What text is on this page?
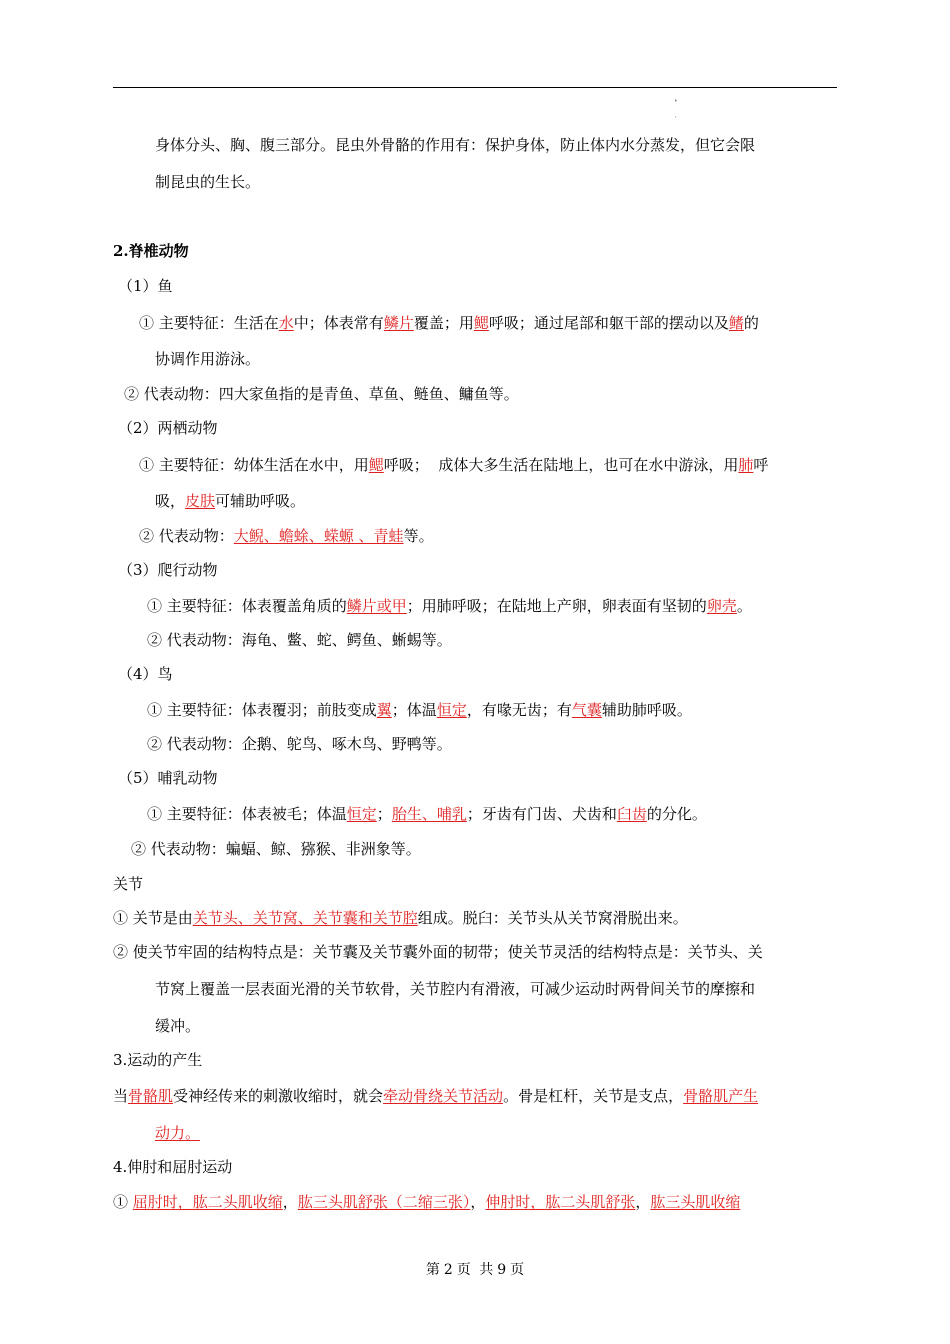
•
'
身体分头、胸、腹三部分。昆虫外骨骼的作用有：保护身体，防止体内水分蒸发，但它会限
制昆虫的生长。
2.脊椎动物
（1）鱼
① 主要特征：生活在水中；体表常有鳞片覆盖；用鳃呼吸；通过尾部和躯干部的摆动以及鳍的
协调作用游泳。
② 代表动物：四大家鱼指的是青鱼、草鱼、鲢鱼、鳙鱼等。
（2）两栖动物
① 主要特征：幼体生活在水中，用鳃呼吸；  成体大多生活在陆地上，也可在水中游泳，用肺呼
吸，皮肤可辅助呼吸。
② 代表动物：大鲵、蟾蜍、蝾螈 、青蛙等。
（3）爬行动物
① 主要特征：体表覆盖角质的鳞片或甲；用肺呼吸；在陆地上产卵，卵表面有坚韧的卵壳。
② 代表动物：海龟、鳖、蛇、鳄鱼、蜥蜴等。
（4）鸟
① 主要特征：体表覆羽；前肢变成翼；体温恒定，有喙无齿；有气囊辅助肺呼吸。
② 代表动物：企鹅、鸵鸟、啄木鸟、野鸭等。
（5）哺乳动物
① 主要特征：体表被毛；体温恒定；胎生、哺乳；牙齿有门齿、犬齿和臼齿的分化。
② 代表动物：蝙蝠、鲸、猕猴、非洲象等。
关节
① 关节是由关节头、关节窝、关节囊和关节腔组成。脱臼：关节头从关节窝滑脱出来。
② 使关节牢固的结构特点是：关节囊及关节囊外面的韧带；使关节灵活的结构特点是：关节头、关
节窝上覆盖一层表面光滑的关节软骨，关节腔内有滑液，可减少运动时两骨间关节的摩擦和
缓冲。
3.运动的产生
当骨骼肌受神经传来的刺激收缩时，就会牵动骨绕关节活动。骨是杠杆，关节是支点，骨骼肌产生
动力。
4.伸肘和屈肘运动
① 屈肘时，肱二头肌收缩，肱三头肌舒张（二缩三张），伸肘时，肱二头肌舒张，肱三头肌收缩
第 2 页 共 9 页
